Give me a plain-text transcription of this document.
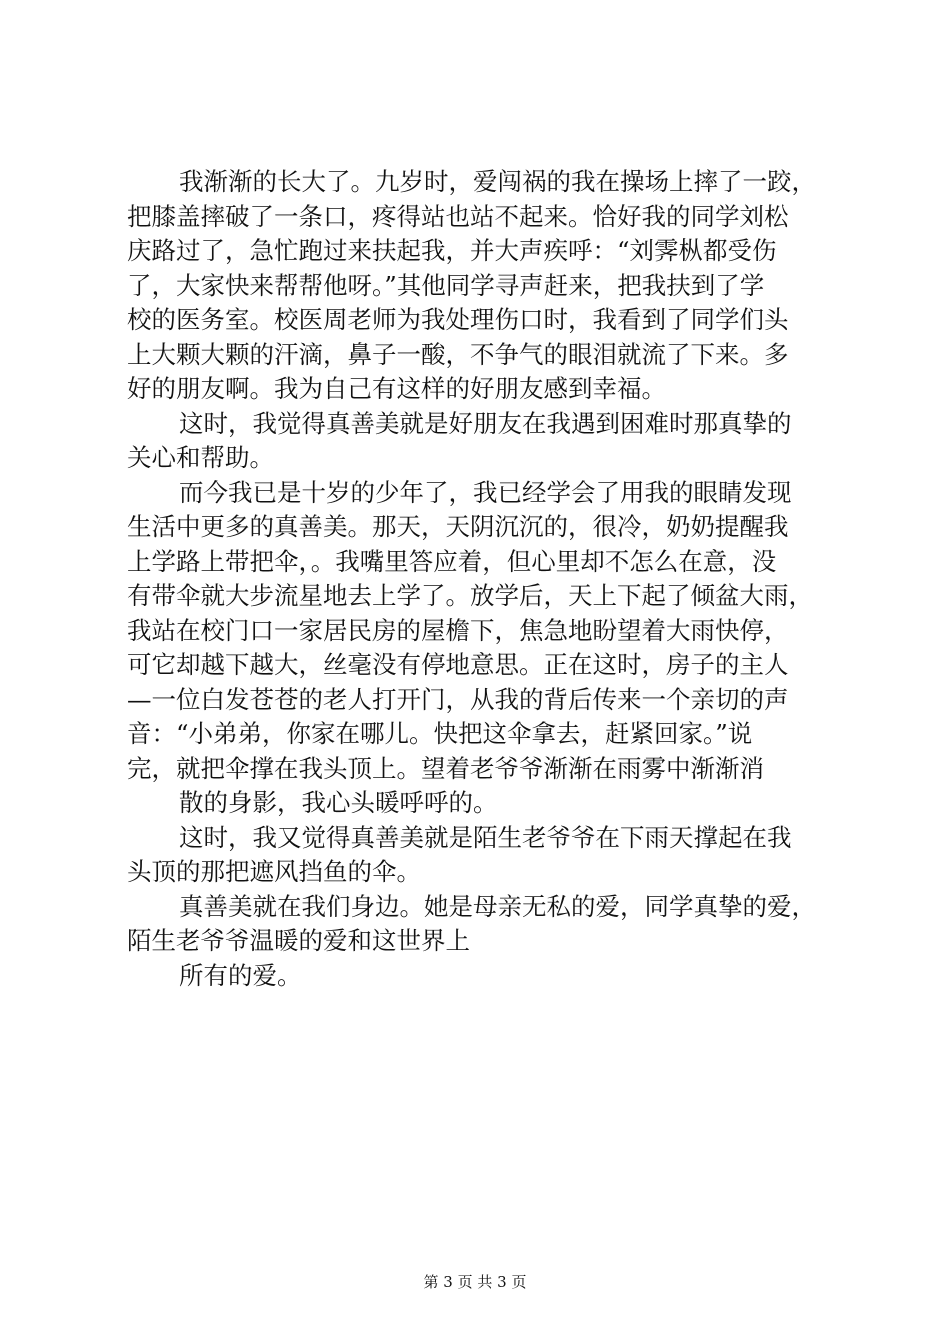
我渐渐的长大了。九岁时，爱闯祸的我在操场上摔了一跤，
把膝盖摔破了一条口，疼得站也站不起来。恰好我的同学刘松
庆路过了，急忙跑过来扶起我，并大声疾呼：“刘霁枞都受伤
了，大家快来帮帮他呀。”其他同学寻声赶来，把我扶到了学
校的医务室。校医周老师为我处理伤口时，我看到了同学们头
上大颗大颗的汗滴，鼻子一酸，不争气的眼泪就流了下来。多
好的朋友啊。我为自己有这样的好朋友感到幸福。
这时，我觉得真善美就是好朋友在我遇到困难时那真挚的
关心和帮助。
而今我已是十岁的少年了，我已经学会了用我的眼睛发现
生活中更多的真善美。那天，天阴沉沉的，很冷，奶奶提醒我
上学路上带把伞，。我嘴里答应着，但心里却不怎么在意，没
有带伞就大步流星地去上学了。放学后，天上下起了倾盆大雨，
我站在校门口一家居民房的屋檐下，焦急地盼望着大雨快停，
可它却越下越大，丝毫没有停地意思。正在这时，房子的主人
—一位白发苍苍的老人打开门，从我的背后传来一个亲切的声
音：“小弟弟，你家在哪儿。快把这伞拿去，赶紧回家。”说
完，就把伞撑在我头顶上。望着老爷爷渐渐在雨雾中渐渐消
散的身影，我心头暖呼呼的。
这时，我又觉得真善美就是陌生老爷爷在下雨天撑起在我
头顶的那把遮风挡鱼的伞。
真善美就在我们身边。她是母亲无私的爱，同学真挚的爱，
陌生老爷爷温暖的爱和这世界上
所有的爱。
第 3 页 共 3 页
